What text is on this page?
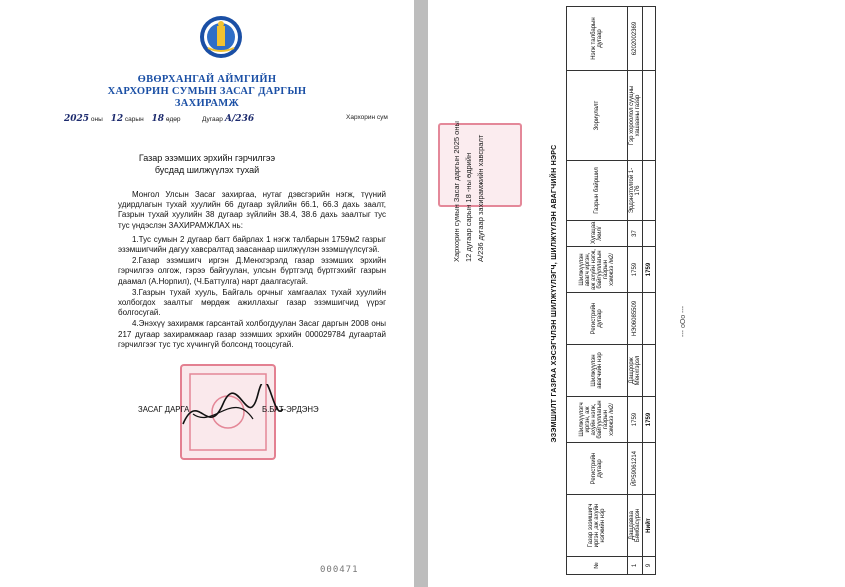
ӨВӨРХАНГАЙ АЙМГИЙН
ХАРХОРИН СУМЫН ЗАСАГ ДАРГЫН
ЗАХИРАМЖ
2025 оны 12 сарын 18 өдөр	Дугаар А/236	Хархорин сум
Газар эзэмших эрхийн гэрчилгээ
бусдад шилжүүлэх тухай

Монгол Улсын Засаг захиргаа, нутаг дэвсгэрийн нэгж, түүний удирдлагын тухай хуулийн 66 дугаар зүйлийн 66.1, 66.3 дахь заалт, Газрын тухай хуулийн 38 дугаар зүйлийн 38.4, 38.6 дахь заалтыг тус тус үндэслэн ЗАХИРАМЖЛАХ нь:

1.Тус сумын 2 дугаар багт байрлах 1 нэгж талбарын 1759м2 газрыг эзэмшигчийн дагуу хавсралтад заасанаар шилжүүлэн эзэмшүүлсүгэй.

2.Газар эзэмшигч иргэн Д.Менхгэрэлд газар эзэмших эрхийн гэрчилгээ олгож, гэрээ байгуулан, улсын бүртгэлд бүртгэхийг газрын даамал (А.Норпил), (Ч.Баттулга) нарт даалгасугай.

3.Газрын тухай хууль, Байгаль орчныг хамгаалах тухай хуулийн холбогдох заалтыг мөрдөж ажиллахыг газар эзэмшигчид үүрэг болгосугай.

4.Энэхүү захирамж гарсантай холбогдуулан Засаг даргын 2008 оны 217 дугаар захирамжаар газар эзэмших эрхийн 000029784 дугаартай гэрчилгээг тус тус хүчингүй болсонд тооцсугай.

ЗАСАГ ДАРГА	Б.БАТ-ЭРДЭНЭ
000471
Хархорин сумын Засаг даргын 2025 оны 12 дугаар сарын 18 -ны өдрийн А/236 дугаар захирамжийн хавсралт	ЭЗЭМШИЛТ ГАЗРАА ХЭСЭГЧЛЭН ШИЛЖҮҮЛЭГЧ, ШИЛЖҮҮЛЭН АВАГЧИЙН НЭРС
№	Газар эзэмшигч иргэн ,аж ахуйн нэгжийн нэр	Регистрийн дугаар	Шилжүүлэгч иргэн, аж ахуйн нэгж, байгууллагын газрын хэмжээ /м2/	Шилжүүлэн авагчийн нэр	Регистрийн дугаар	Шилжүүлэн авагч иргэн, аж ахуйн нэгж, байгууллагын газрын хэмжээ /м2/	Хугацаа /жил/	Газрын байршил	Зориулалт	Нэгж талбарын дугаар
1	Дашдаваа Бямбасүрэн	ЙР59061214	1759	Дашдорж Менхгэрэл	НЭ06085509	1759	37	Эрдэнэтолгой 1-176	Гэр хороолол сууцны хашааны газар	6202002369
9	Нийт		1759			1759				
--- оОо ---
